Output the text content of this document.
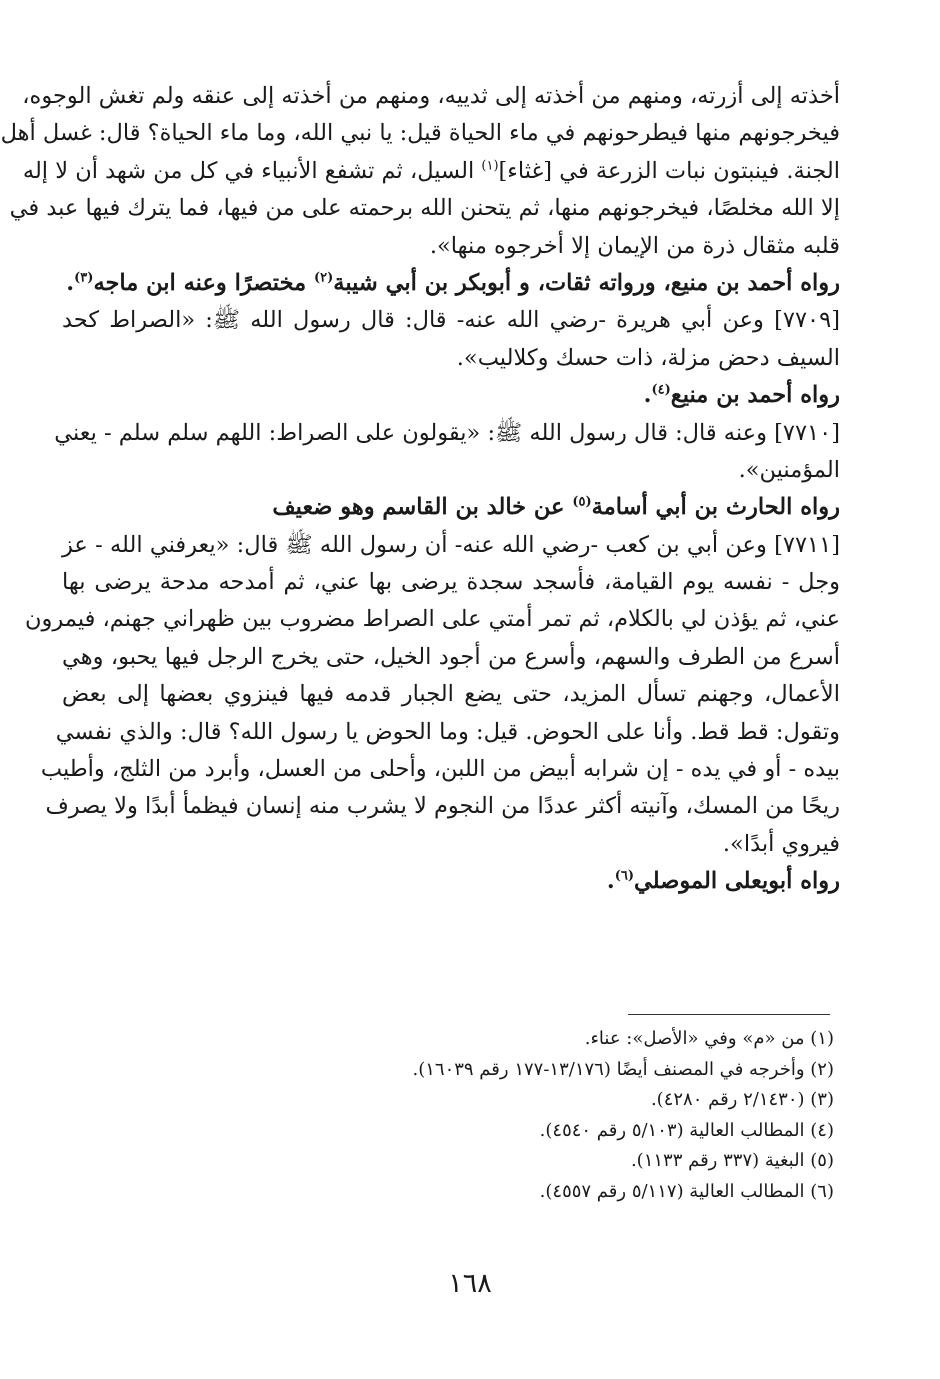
أخذته إلى أزرته، ومنهم من أخذته إلى ثدييه، ومنهم من أخذته إلى عنقه ولم تغش الوجوه،
فيخرجونهم منها فيطرحونهم في ماء الحياة قيل: يا نبي الله، وما ماء الحياة؟ قال: غسل أهل
الجنة. فينبتون نبات الزرعة في [غثاء]$^{(١)}$ السيل، ثم تشفع الأنبياء في كل من شهد أن لا إله
إلا الله مخلصًا، فيخرجونهم منها، ثم يتحنن الله برحمته على من فيها، فما يترك فيها عبد في
قلبه مثقال ذرة من الإيمان إلا أخرجوه منها».
رواه أحمد بن منيع، ورواته ثقات، و أبوبكر بن أبي شيبة$^{(٢)}$ مختصرًا وعنه ابن ماجه$^{(٣)}$.
[٧٧٠٩] وعن أبي هريرة -رضي الله عنه- قال: قال رسول الله ﷺ: «الصراط كحد
السيف دحض مزلة، ذات حسك وكلاليب».
رواه أحمد بن منيع$^{(٤)}$.
[٧٧١٠] وعنه قال: قال رسول الله ﷺ: «يقولون على الصراط: اللهم سلم سلم - يعني
المؤمنين».
رواه الحارث بن أبي أسامة$^{(٥)}$ عن خالد بن القاسم وهو ضعيف
[٧٧١١] وعن أبي بن كعب -رضي الله عنه- أن رسول الله ﷺ قال: «يعرفني الله - عز
وجل - نفسه يوم القيامة، فأسجد سجدة يرضى بها عني، ثم أمدحه مدحة يرضى بها
عني، ثم يؤذن لي بالكلام، ثم تمر أمتي على الصراط مضروب بين ظهراني جهنم، فيمرون
أسرع من الطرف والسهم، وأسرع من أجود الخيل، حتى يخرج الرجل فيها يحبو، وهي
الأعمال، وجهنم تسأل المزيد، حتى يضع الجبار قدمه فيها فينزوي بعضها إلى بعض
وتقول: قط قط. وأنا على الحوض. قيل: وما الحوض يا رسول الله؟ قال: والذي نفسي
بيده - أو في يده - إن شرابه أبيض من اللبن، وأحلى من العسل، وأبرد من الثلج، وأطيب
ريحًا من المسك، وآنيته أكثر عددًا من النجوم لا يشرب منه إنسان فيظمأ أبدًا ولا يصرف
فيروي أبدًا».
رواه أبويعلى الموصلي$^{(٦)}$.
(١) من «م» وفي «الأصل»: عناء.
(٢) وأخرجه في المصنف أيضًا (١٣/١٧٦-١٧٧ رقم ١٦٠٣٩).
(٣) (٢/١٤٣٠ رقم ٤٢٨٠).
(٤) المطالب العالية (٥/١٠٣ رقم ٤٥٤٠).
(٥) البغية (٣٣٧ رقم ١١٣٣).
(٦) المطالب العالية (٥/١١٧ رقم ٤٥٥٧).
١٦٨
